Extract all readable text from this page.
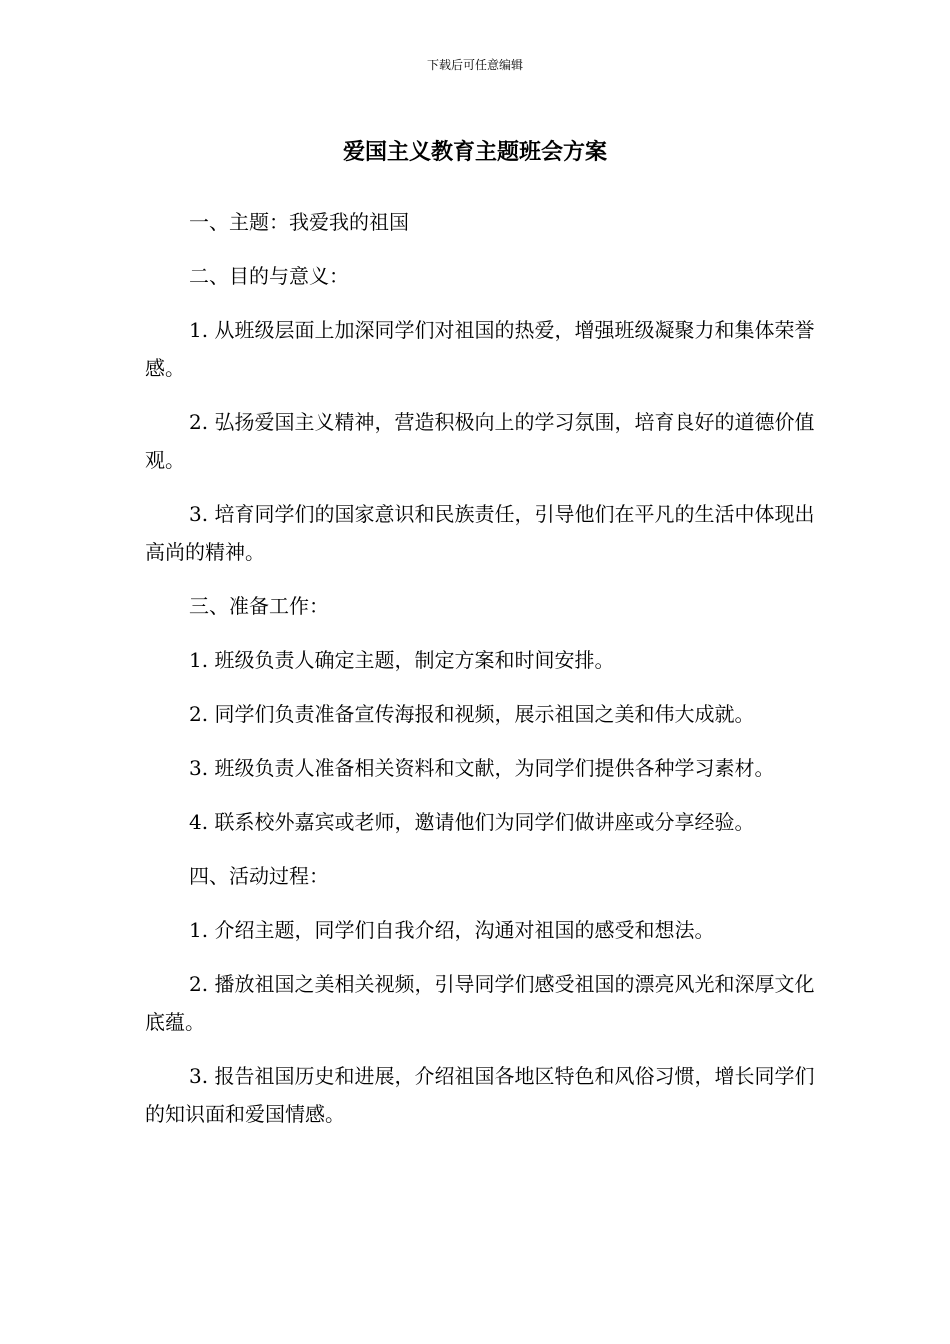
下载后可任意编辑
爱国主义教育主题班会方案

一、主题：我爱我的祖国

二、目的与意义：

1. 从班级层面上加深同学们对祖国的热爱，增强班级凝聚力和集体荣誉感。

2. 弘扬爱国主义精神，营造积极向上的学习氛围，培育良好的道德价值观。

3. 培育同学们的国家意识和民族责任，引导他们在平凡的生活中体现出高尚的精神。

三、准备工作：

1. 班级负责人确定主题，制定方案和时间安排。

2. 同学们负责准备宣传海报和视频，展示祖国之美和伟大成就。

3. 班级负责人准备相关资料和文献，为同学们提供各种学习素材。

4. 联系校外嘉宾或老师，邀请他们为同学们做讲座或分享经验。

四、活动过程：

1. 介绍主题，同学们自我介绍，沟通对祖国的感受和想法。

2. 播放祖国之美相关视频，引导同学们感受祖国的漂亮风光和深厚文化底蕴。

3. 报告祖国历史和进展，介绍祖国各地区特色和风俗习惯，增长同学们的知识面和爱国情感。
